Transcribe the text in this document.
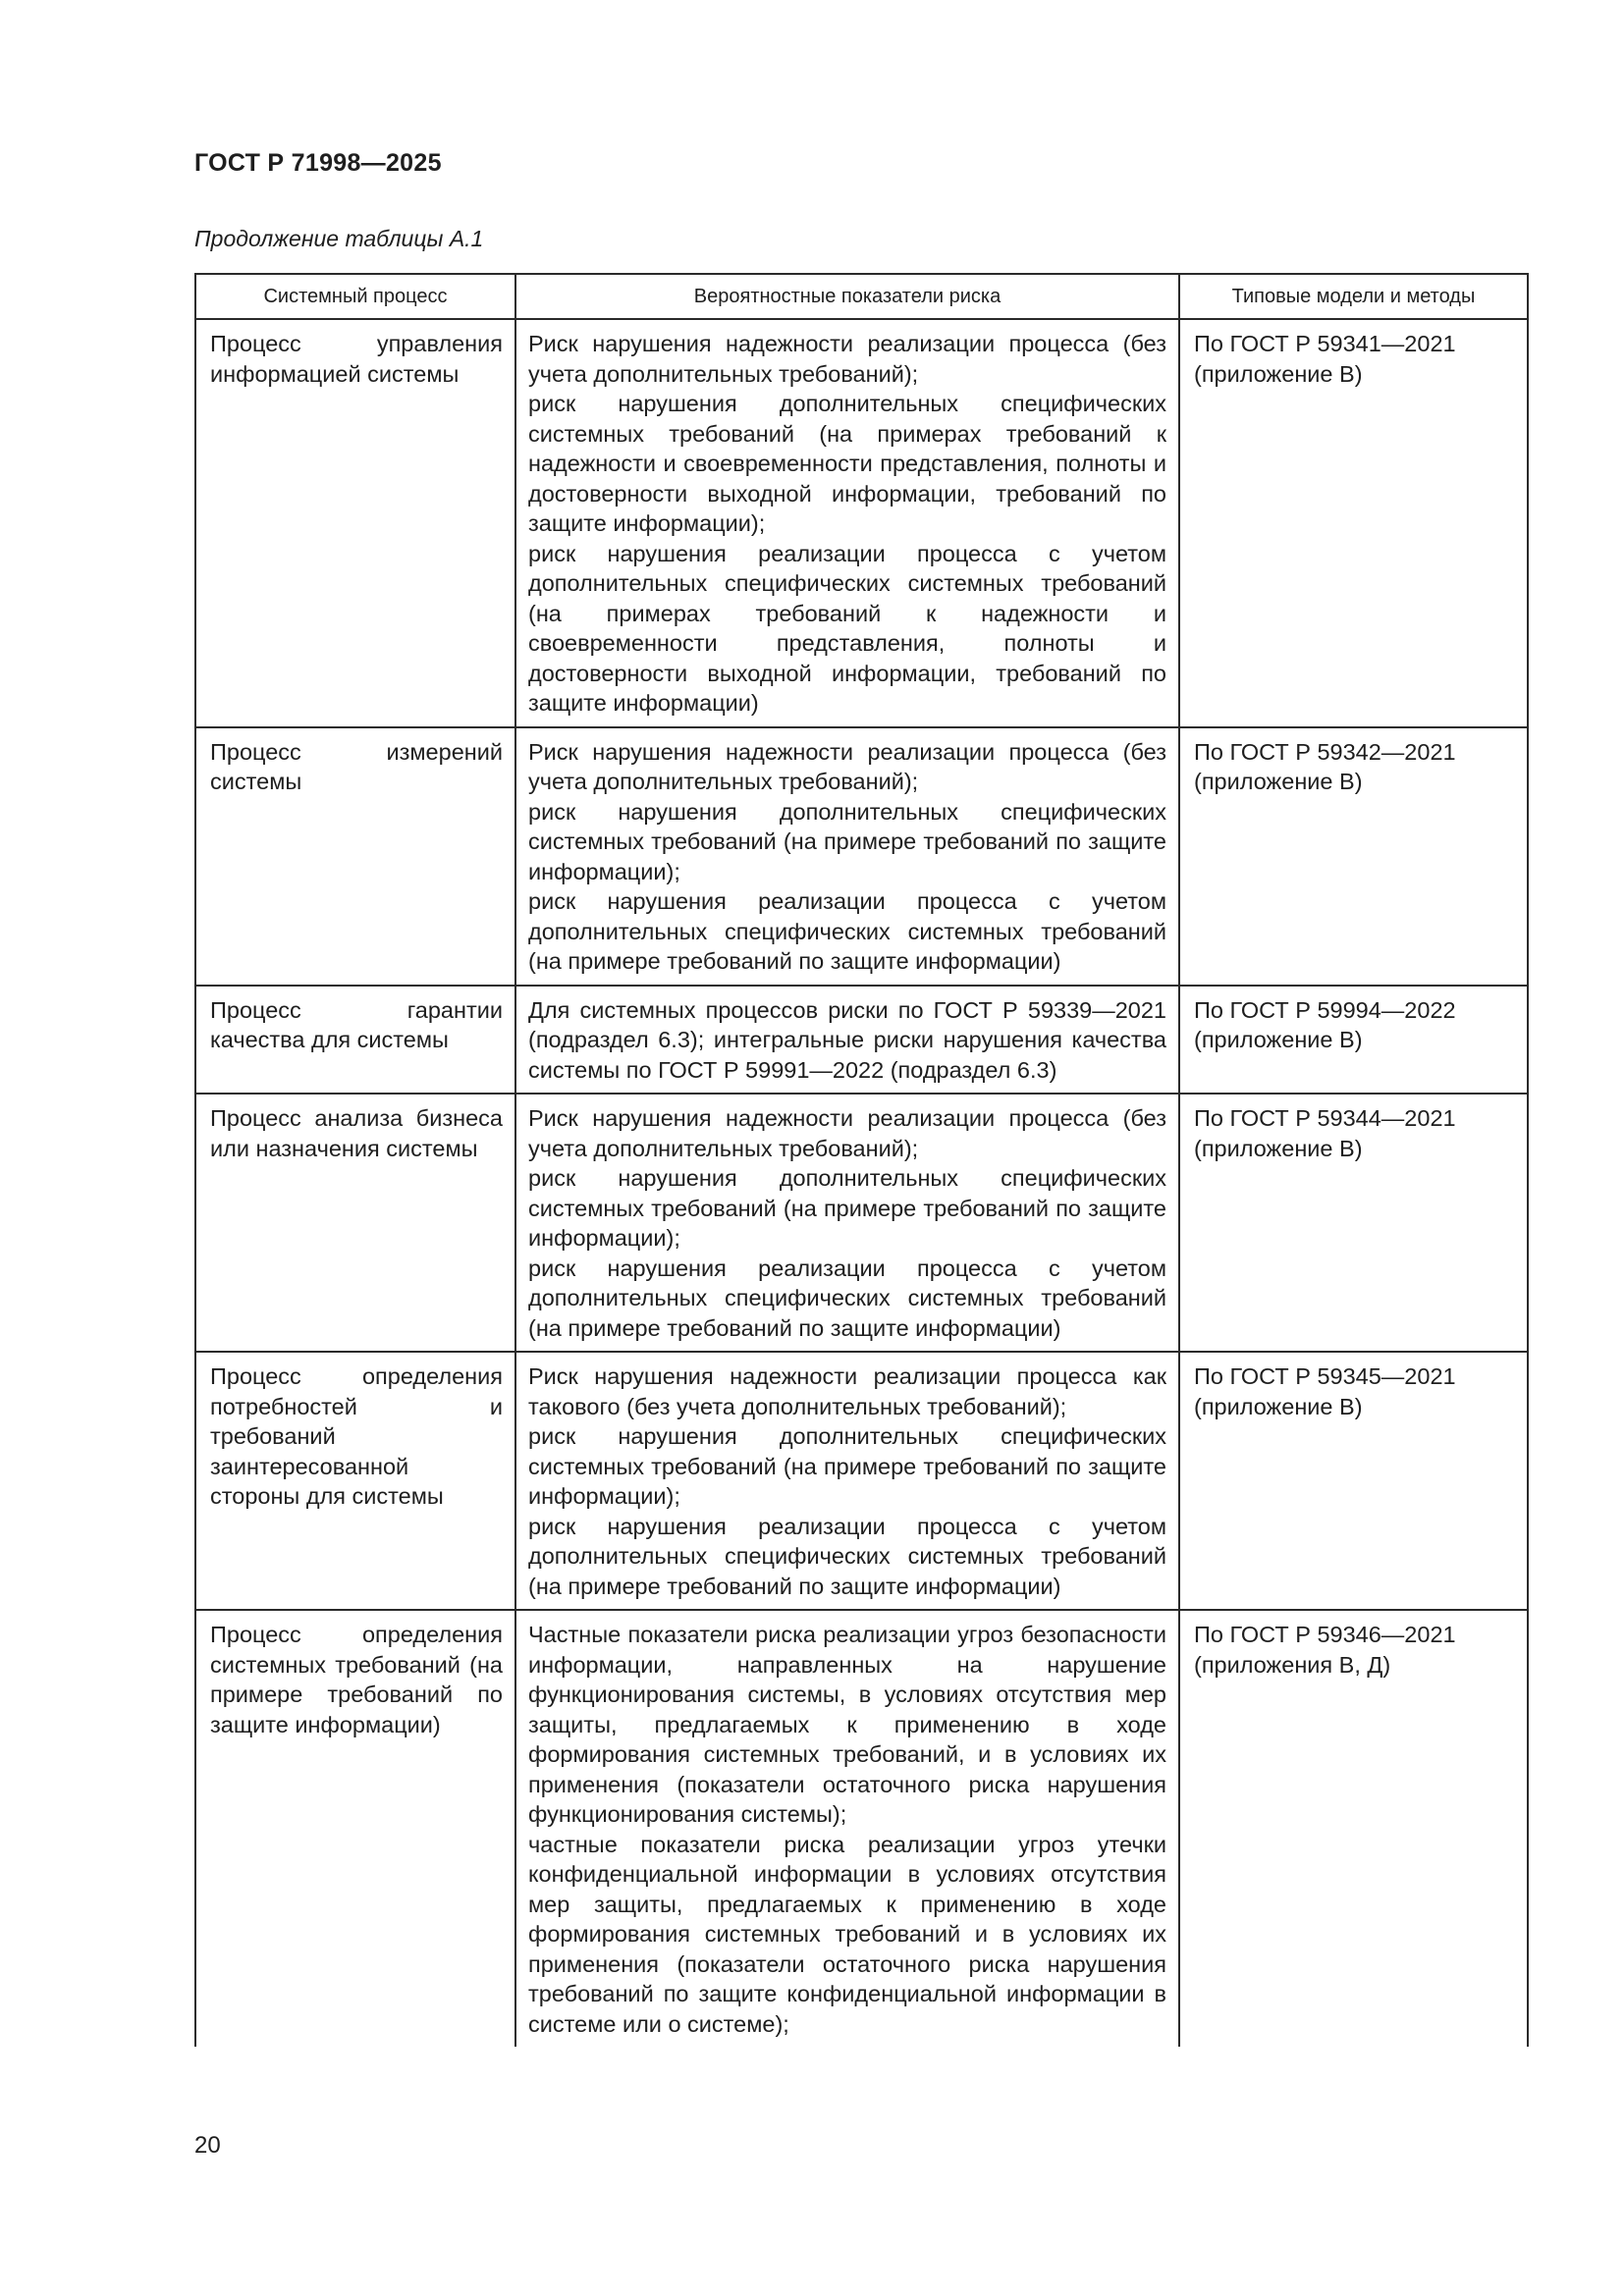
ГОСТ Р 71998—2025
Продолжение таблицы А.1
Системный процесс	Вероятностные показатели риска	Типовые модели и методы
Процесс управления информацией системы	Риск нарушения надежности реализации процесса (без учета дополнительных требований);
риск нарушения дополнительных специфических системных требований (на примерах требований к надежности и своевременности представления, полноты и достоверности выходной информации, требований по защите информации);
риск нарушения реализации процесса с учетом дополнительных специфических системных требований (на примерах требований к надежности и своевременности представления, полноты и достоверности выходной информации, требований по защите информации)	По ГОСТ Р 59341—2021 (приложение В)
Процесс измерений системы	Риск нарушения надежности реализации процесса (без учета дополнительных требований);
риск нарушения дополнительных специфических системных требований (на примере требований по защите информации);
риск нарушения реализации процесса с учетом дополнительных специфических системных требований (на примере требований по защите информации)	По ГОСТ Р 59342—2021 (приложение В)
Процесс гарантии качества для системы	Для системных процессов риски по ГОСТ Р 59339—2021 (подраздел 6.3); интегральные риски нарушения качества системы по ГОСТ Р 59991—2022 (подраздел 6.3)	По ГОСТ Р 59994—2022 (приложение В)
Процесс анализа бизнеса или назначения системы	Риск нарушения надежности реализации процесса (без учета дополнительных требований);
риск нарушения дополнительных специфических системных требований (на примере требований по защите информации);
риск нарушения реализации процесса с учетом дополнительных специфических системных требований (на примере требований по защите информации)	По ГОСТ Р 59344—2021 (приложение В)
Процесс определения потребностей и требований заинтересованной стороны для системы	Риск нарушения надежности реализации процесса как такового (без учета дополнительных требований);
риск нарушения дополнительных специфических системных требований (на примере требований по защите информации);
риск нарушения реализации процесса с учетом дополнительных специфических системных требований (на примере требований по защите информации)	По ГОСТ Р 59345—2021 (приложение В)
Процесс определения системных требований (на примере требований по защите информации)	Частные показатели риска реализации угроз безопасности информации, направленных на нарушение функционирования системы, в условиях отсутствия мер защиты, предлагаемых к применению в ходе формирования системных требований, и в условиях их применения (показатели остаточного риска нарушения функционирования системы);
частные показатели риска реализации угроз утечки конфиденциальной информации в условиях отсутствия мер защиты, предлагаемых к применению в ходе формирования системных требований и в условиях их применения (показатели остаточного риска нарушения требований по защите конфиденциальной информации в системе или о системе);	По ГОСТ Р 59346—2021 (приложения В, Д)
20
